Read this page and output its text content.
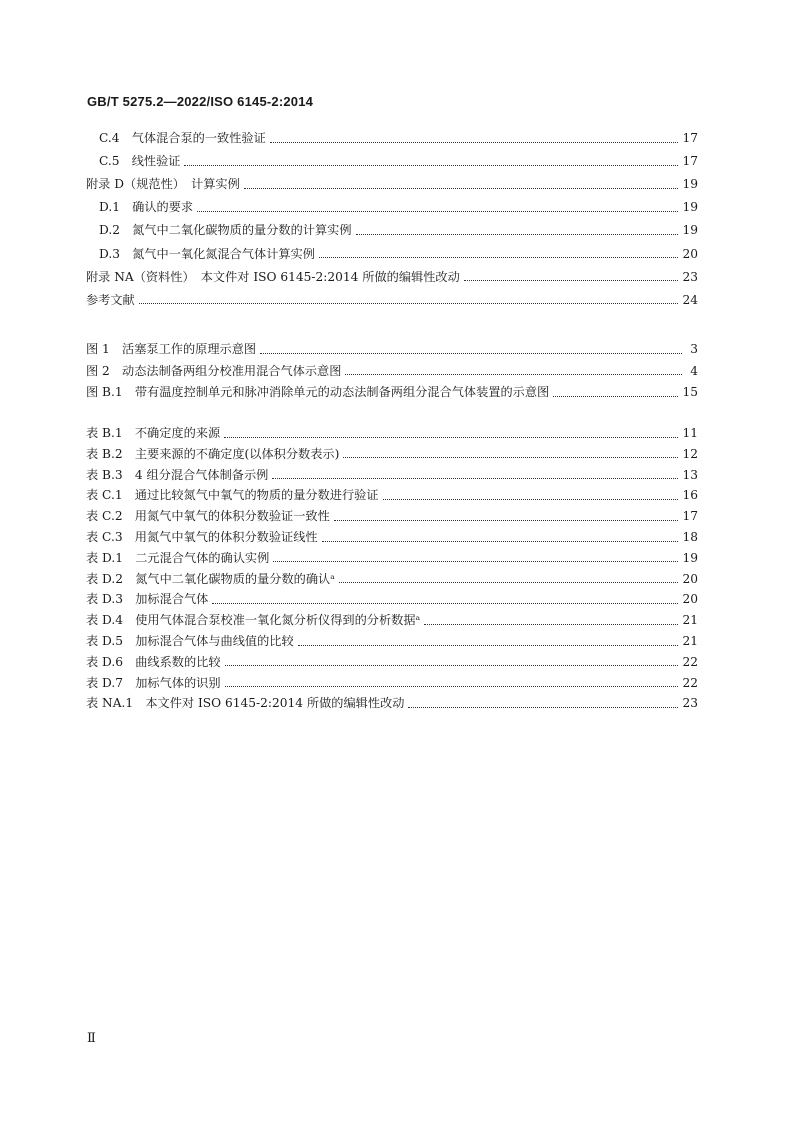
GB/T 5275.2—2022/ISO 6145-2:2014
C.4　气体混合泵的一致性验证	17
C.5　线性验证	17
附录 D（规范性）　计算实例	19
D.1　确认的要求	19
D.2　氮气中二氧化碳物质的量分数的计算实例	19
D.3　氮气中一氧化氮混合气体计算实例	20
附录 NA（资料性）　本文件对 ISO 6145-2:2014 所做的编辑性改动	23
参考文献	24
图 1　活塞泵工作的原理示意图	3
图 2　动态法制备两组分校准用混合气体示意图	4
图 B.1　带有温度控制单元和脉冲消除单元的动态法制备两组分混合气体装置的示意图	15
表 B.1　不确定度的来源	11
表 B.2　主要来源的不确定度(以体积分数表示)	12
表 B.3　4 组分混合气体制备示例	13
表 C.1　通过比较氮气中氧气的物质的量分数进行验证	16
表 C.2　用氮气中氧气的体积分数验证一致性	17
表 C.3　用氮气中氧气的体积分数验证线性	18
表 D.1　二元混合气体的确认实例	19
表 D.2　氮气中二氧化碳物质的量分数的确认ᵃ	20
表 D.3　加标混合气体	20
表 D.4　使用气体混合泵校准一氧化氮分析仪得到的分析数据ᵃ	21
表 D.5　加标混合气体与曲线值的比较	21
表 D.6　曲线系数的比较	22
表 D.7　加标气体的识别	22
表 NA.1　本文件对 ISO 6145-2:2014 所做的编辑性改动	23
Ⅱ
